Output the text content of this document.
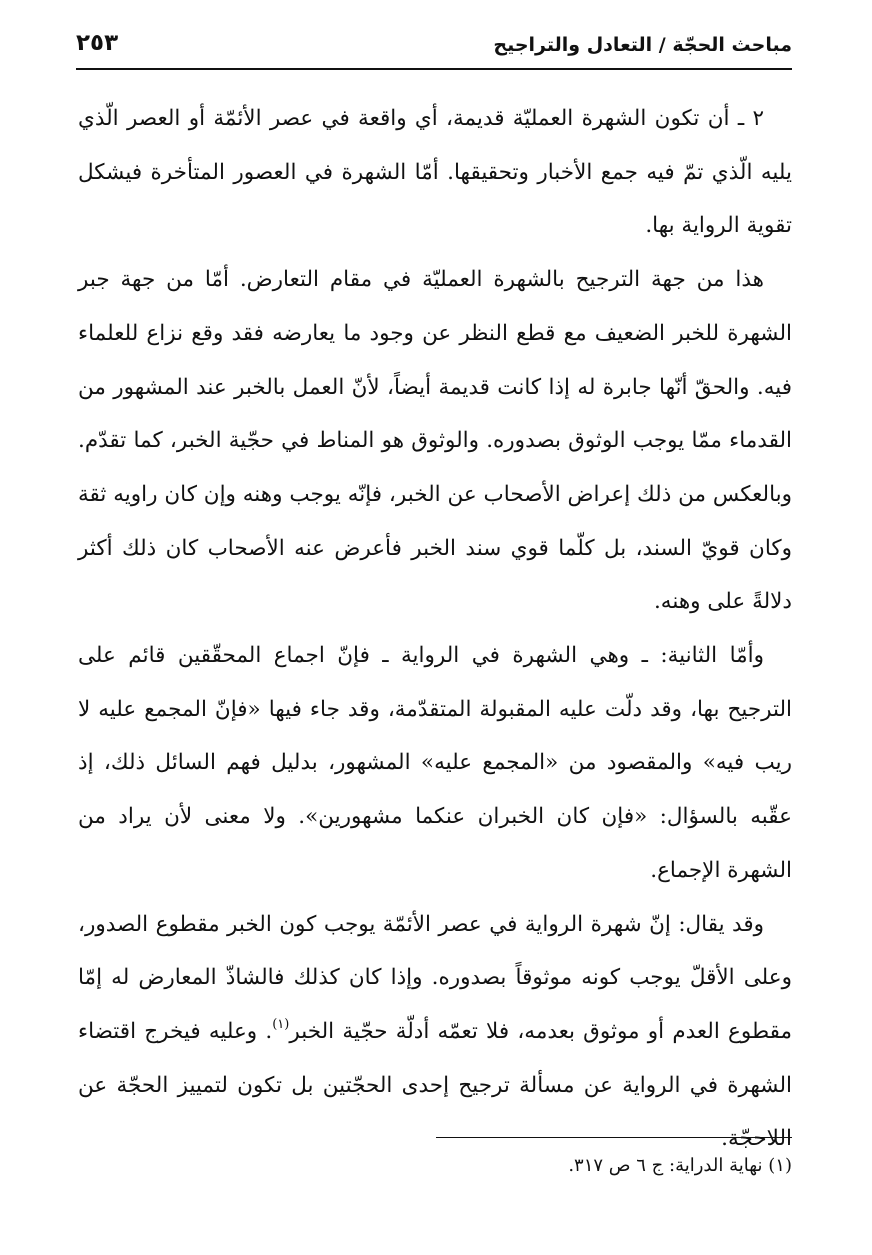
مباحث الحجّة / التعادل والتراجيح
٢٥٣

٢ ـ أن تكون الشهرة العمليّة قديمة، أي واقعة في عصر الأئمّة أو العصر الّذي يليه الّذي تمّ فيه جمع الأخبار وتحقيقها. أمّا الشهرة في العصور المتأخرة فيشكل تقوية الرواية بها.

هذا من جهة الترجيح بالشهرة العمليّة في مقام التعارض. أمّا من جهة جبر الشهرة للخبر الضعيف مع قطع النظر عن وجود ما يعارضه فقد وقع نزاع للعلماء فيه. والحقّ أنّها جابرة له إذا كانت قديمة أيضاً، لأنّ العمل بالخبر عند المشهور من القدماء ممّا يوجب الوثوق بصدوره. والوثوق هو المناط في حجّية الخبر، كما تقدّم. وبالعكس من ذلك إعراض الأصحاب عن الخبر، فإنّه يوجب وهنه وإن كان راويه ثقة وكان قويّ السند، بل كلّما قوي سند الخبر فأعرض عنه الأصحاب كان ذلك أكثر دلالةً على وهنه.

وأمّا الثانية: ـ وهي الشهرة في الرواية ـ فإنّ اجماع المحقّقين قائم على الترجيح بها، وقد دلّت عليه المقبولة المتقدّمة، وقد جاء فيها «فإنّ المجمع عليه لا ريب فيه» والمقصود من «المجمع عليه» المشهور، بدليل فهم السائل ذلك، إذ عقّبه بالسؤال: «فإن كان الخبران عنكما مشهورين». ولا معنى لأن يراد من الشهرة الإجماع.

وقد يقال: إنّ شهرة الرواية في عصر الأئمّة يوجب كون الخبر مقطوع الصدور، وعلى الأقلّ يوجب كونه موثوقاً بصدوره. وإذا كان كذلك فالشاذّ المعارض له إمّا مقطوع العدم أو موثوق بعدمه، فلا تعمّه أدلّة حجّية الخبر$^{(١)}$. وعليه فيخرج اقتضاء الشهرة في الرواية عن مسألة ترجيح إحدى الحجّتين بل تكون لتمييز الحجّة عن اللاحجّة.

(١) نهاية الدراية: ج ٦ ص ٣١٧.
